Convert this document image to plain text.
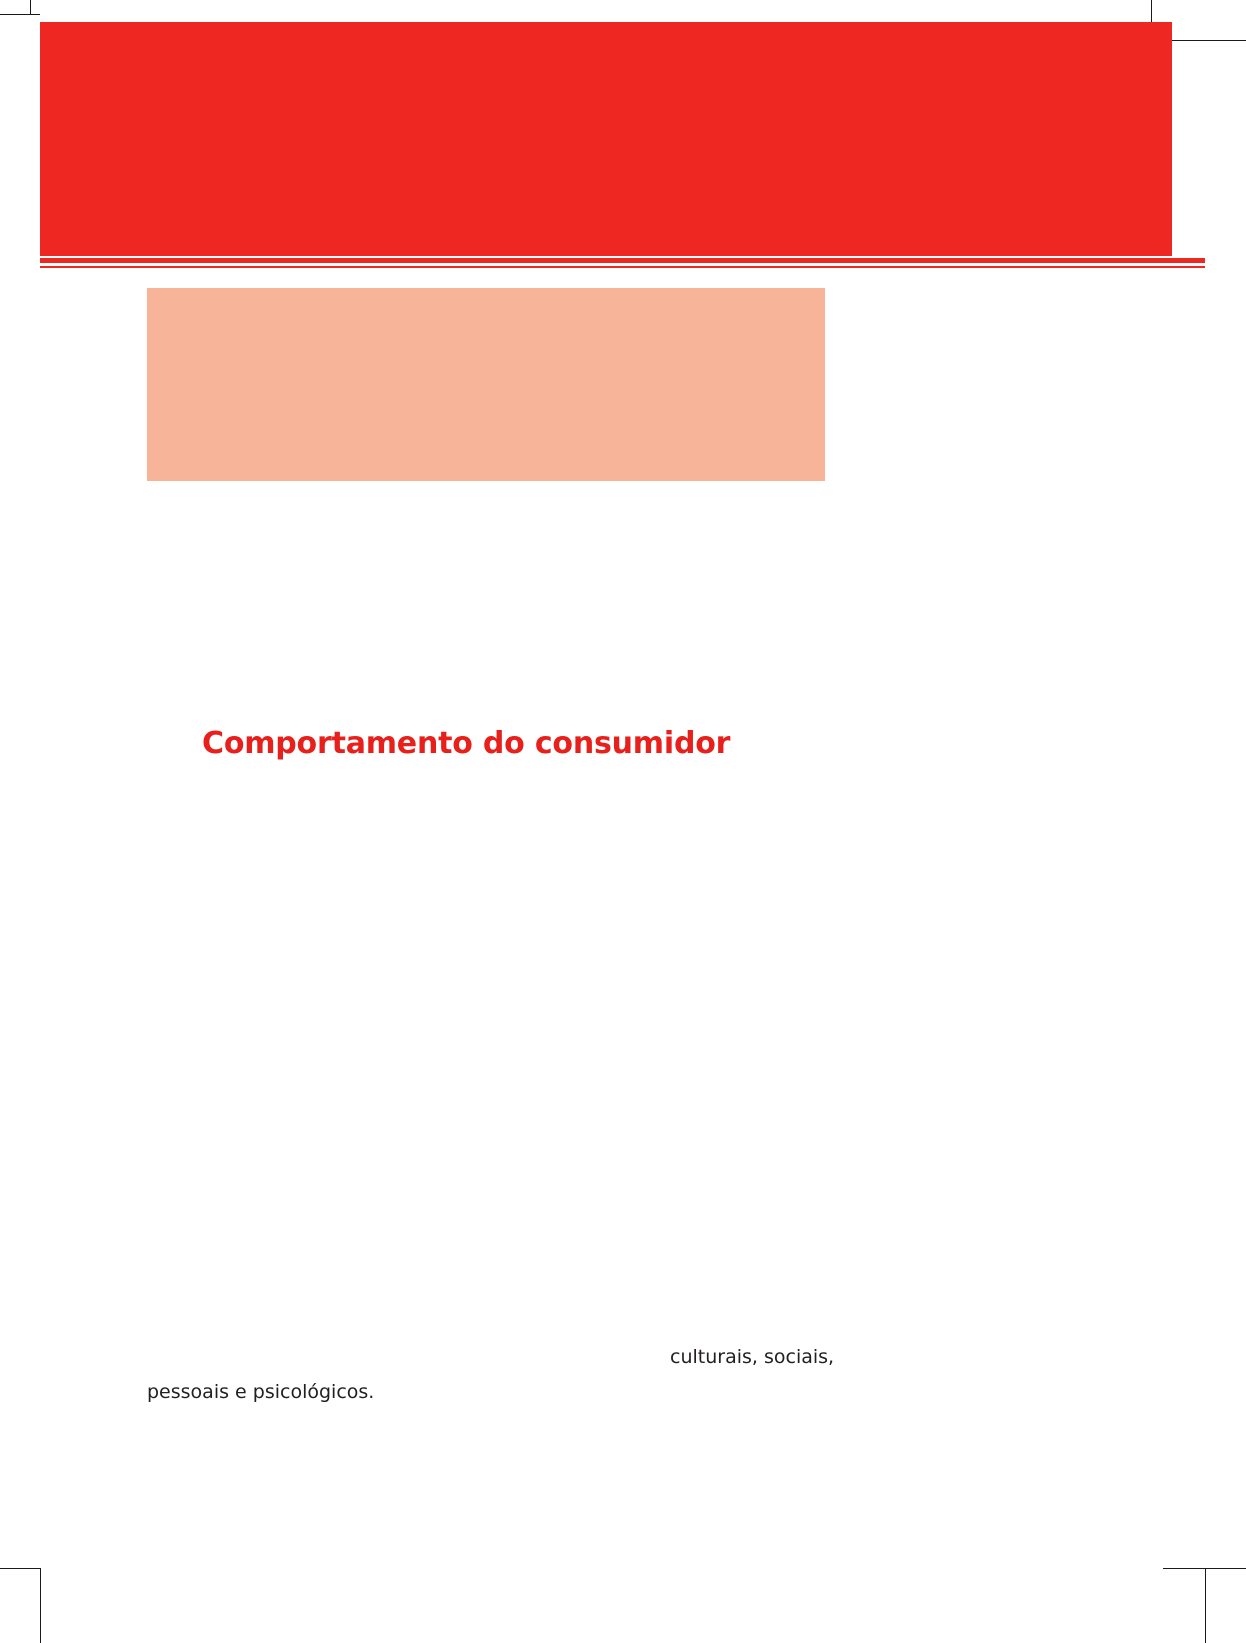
Comportamento do consumidor
culturais, sociais,
pessoais e psicológicos.
